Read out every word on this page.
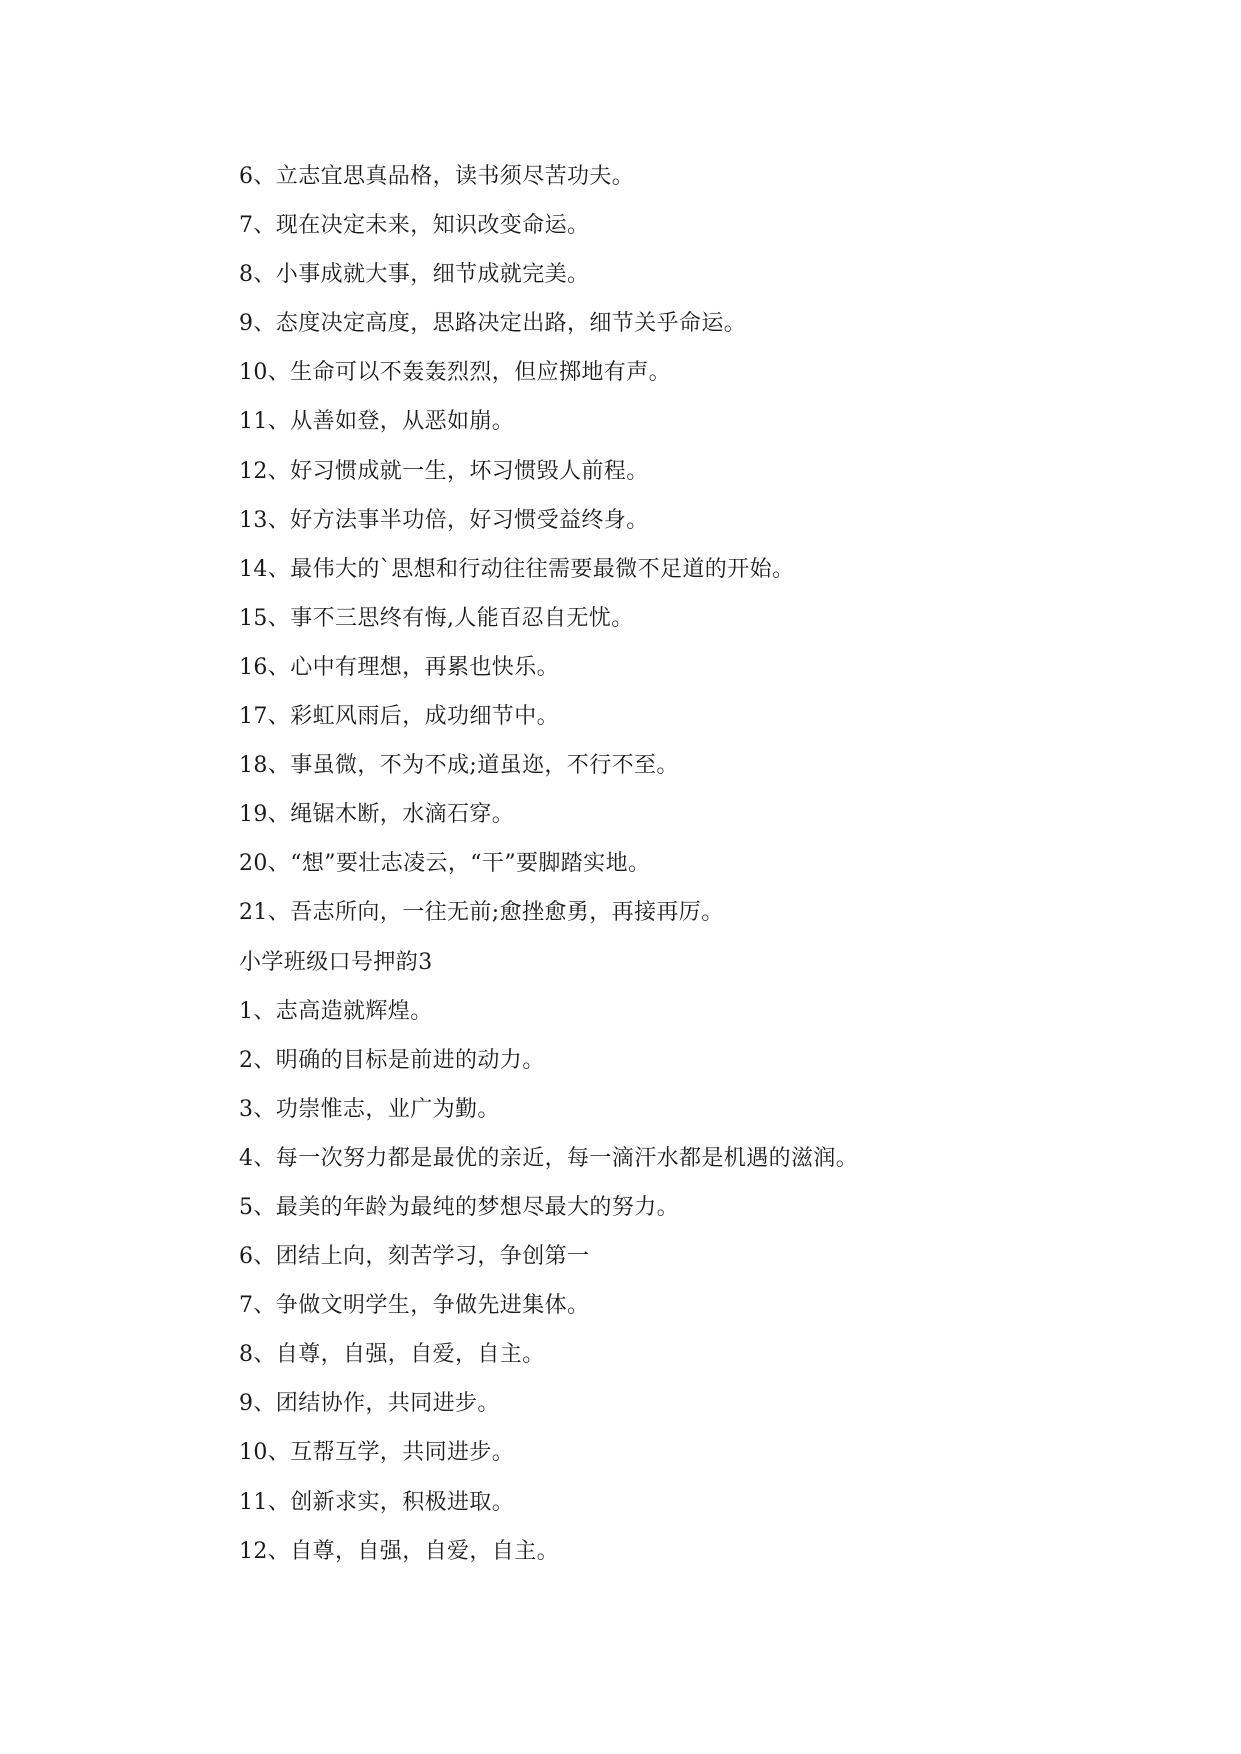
6、立志宜思真品格，读书须尽苦功夫。
7、现在决定未来，知识改变命运。
8、小事成就大事，细节成就完美。
9、态度决定高度，思路决定出路，细节关乎命运。
10、生命可以不轰轰烈烈，但应掷地有声。
11、从善如登，从恶如崩。
12、好习惯成就一生，坏习惯毁人前程。
13、好方法事半功倍，好习惯受益终身。
14、最伟大的`思想和行动往往需要最微不足道的开始。
15、事不三思终有悔,人能百忍自无忧。
16、心中有理想，再累也快乐。
17、彩虹风雨后，成功细节中。
18、事虽微，不为不成;道虽迩，不行不至。
19、绳锯木断，水滴石穿。
20、“想”要壮志凌云，“干”要脚踏实地。
21、吾志所向，一往无前;愈挫愈勇，再接再厉。
小学班级口号押韵3
1、志高造就辉煌。
2、明确的目标是前进的动力。
3、功崇惟志，业广为勤。
4、每一次努力都是最优的亲近，每一滴汗水都是机遇的滋润。
5、最美的年龄为最纯的梦想尽最大的努力。
6、团结上向，刻苦学习，争创第一
7、争做文明学生，争做先进集体。
8、自尊，自强，自爱，自主。
9、团结协作，共同进步。
10、互帮互学，共同进步。
11、创新求实，积极进取。
12、自尊，自强，自爱，自主。
